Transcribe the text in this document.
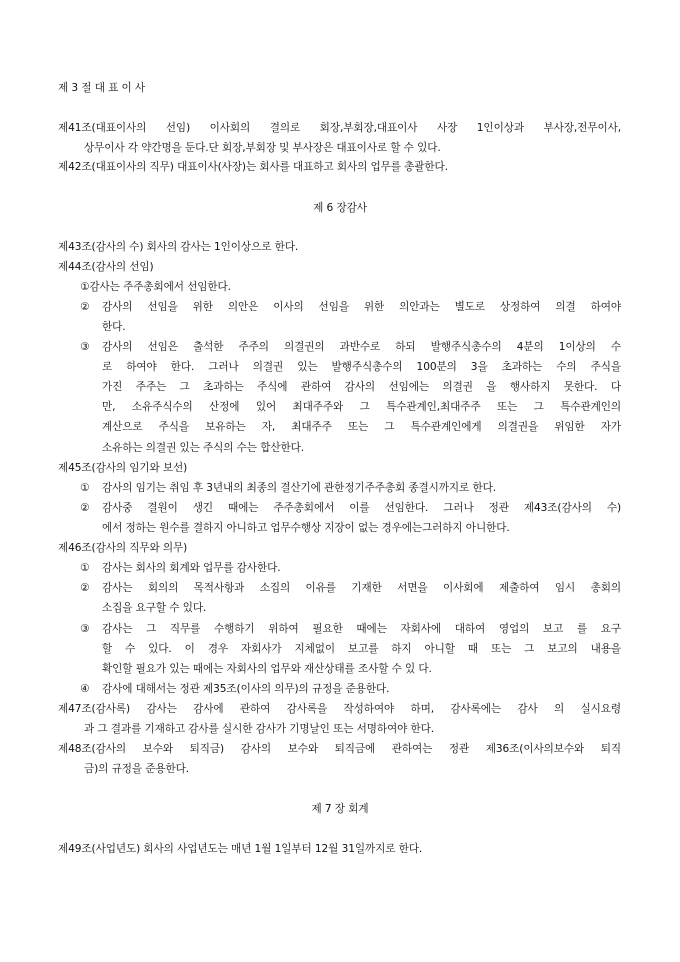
제 3 절 대 표 이 사
제41조(대표이사의 선임) 이사회의 결의로 회장,부회장,대표이사 사장 1인이상과 부사장,전무이사,
상무이사 각 약간명을 둔다.단 회장,부회장 및 부사장은 대표이사로 할 수 있다.
제42조(대표이사의 직무) 대표이사(사장)는 회사를 대표하고 회사의 업무를 총괄한다.
제 6 장감사
제43조(감사의 수) 회사의 감사는 1인이상으로 한다.
제44조(감사의 선임)
①감사는 주주총회에서 선임한다.
② 감사의 선임을 위한 의안은 이사의 선임을 위한 의안과는 별도로 상정하여 의결 하여야
한다.
③ 감사의 선임은 출석한 주주의 의결권의 과반수로 하되 발행주식총수의 4분의 1이상의 수
로 하여야 한다. 그러나 의결권 있는 발행주식총수의 100분의 3을 초과하는 수의 주식을
가진 주주는 그 초과하는 주식에 관하여 감사의 선임에는 의결권 을 행사하지 못한다. 다
만, 소유주식수의 산정에 있어 최대주주와 그 특수관계인,최대주주 또는 그 특수관계인의
계산으로 주식을 보유하는 자, 최대주주 또는 그 특수관계인에게 의결권을 위임한 자가
소유하는 의결권 있는 주식의 수는 합산한다.
제45조(감사의 임기와 보선)
① 감사의 임기는 취임 후 3년내의 최종의 결산기에 관한정기주주총회 종결시까지로 한다.
② 감사중 결원이 생긴 때에는 주주총회에서 이를 선임한다. 그러나 정관 제43조(감사의 수)
에서 정하는 원수를 결하지 아니하고 업무수행상 지장이 없는 경우에는그러하지 아니한다.
제46조(감사의 직무와 의무)
① 감사는 회사의 회계와 업무를 감사한다.
② 감사는 회의의 목적사항과 소집의 이유를 기재한 서면을 이사회에 제출하여 임시 총회의
소집을 요구할 수 있다.
③ 감사는 그 직무를 수행하기 위하여 필요한 때에는 자회사에 대하여 영업의 보고 를 요구
할 수 있다. 이 경우 자회사가 지체없이 보고를 하지 아니할 때 또는 그 보고의 내용을
확인할 필요가 있는 때에는 자회사의 업무와 재산상태를 조사할 수 있 다.
④ 감사에 대해서는 정관 제35조(이사의 의무)의 규정을 준용한다.
제47조(감사록) 감사는 감사에 관하여 감사록을 작성하여야 하며, 감사록에는 감사 의 실시요령
과 그 결과를 기재하고 감사를 실시한 감사가 기명날인 또는 서명하여야 한다.
제48조(감사의 보수와 퇴직금) 감사의 보수와 퇴직금에 관하여는 정관 제36조(이사의보수와 퇴직
금)의 규정을 준용한다.
제 7 장 회계
제49조(사업년도) 회사의 사업년도는 매년 1월 1일부터 12월 31일까지로 한다.
